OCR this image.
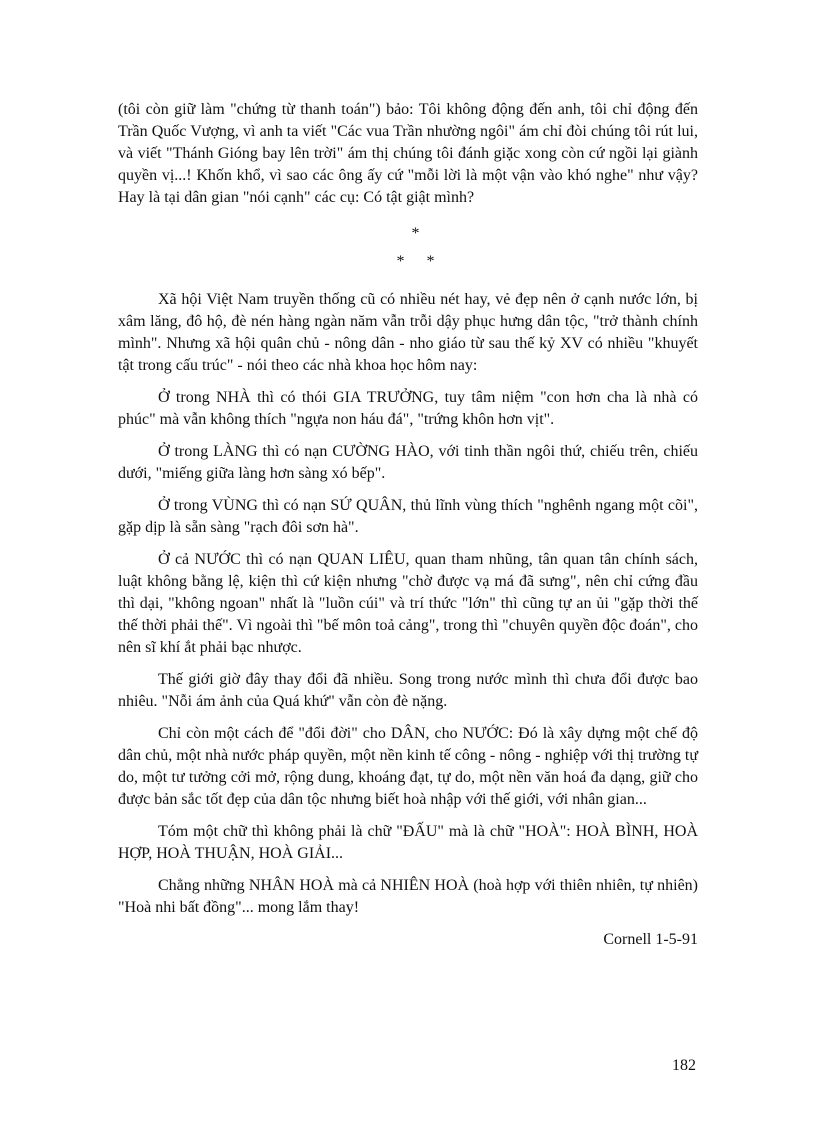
(tôi còn giữ làm "chứng từ thanh toán") bảo: Tôi không động đến anh, tôi chỉ động đến Trần Quốc Vượng, vì anh ta viết "Các vua Trần nhường ngôi" ám chỉ đòi chúng tôi rút lui, và viết "Thánh Gióng bay lên trời" ám thị chúng tôi đánh giặc xong còn cứ ngồi lại giành quyền vị...! Khốn khổ, vì sao các ông ấy cứ "mỗi lời là một vận vào khó nghe" như vậy? Hay là tại dân gian "nói cạnh" các cụ: Có tật giật mình?

*
* *

Xã hội Việt Nam truyền thống cũ có nhiều nét hay, vẻ đẹp nên ở cạnh nước lớn, bị xâm lăng, đô hộ, đè nén hàng ngàn năm vẫn trỗi dậy phục hưng dân tộc, "trở thành chính mình". Nhưng xã hội quân chủ - nông dân - nho giáo từ sau thế kỷ XV có nhiều "khuyết tật trong cấu trúc" - nói theo các nhà khoa học hôm nay:

Ở trong NHÀ thì có thói GIA TRƯỞNG, tuy tâm niệm "con hơn cha là nhà có phúc" mà vẫn không thích "ngựa non háu đá", "trứng khôn hơn vịt".

Ở trong LÀNG thì có nạn CƯỜNG HÀO, với tinh thần ngôi thứ, chiếu trên, chiếu dưới, "miếng giữa làng hơn sàng xó bếp".

Ở trong VÙNG thì có nạn SỨ QUÂN, thủ lĩnh vùng thích "nghênh ngang một cõi", gặp dịp là sẵn sàng "rạch đôi sơn hà".

Ở cả NƯỚC thì có nạn QUAN LIÊU, quan tham nhũng, tân quan tân chính sách, luật không bằng lệ, kiện thì cứ kiện nhưng "chờ được vạ má đã sưng", nên chỉ cứng đầu thì dại, "không ngoan" nhất là "luồn cúi" và trí thức "lớn" thì cũng tự an ủi "gặp thời thế thế thời phải thế". Vì ngoài thì "bế môn toả cảng", trong thì "chuyên quyền độc đoán", cho nên sĩ khí ắt phải bạc nhược.

Thế giới giờ đây thay đổi đã nhiều. Song trong nước mình thì chưa đổi được bao nhiêu. "Nỗi ám ảnh của Quá khứ" vẫn còn đè nặng.

Chỉ còn một cách để "đổi đời" cho DÂN, cho NƯỚC: Đó là xây dựng một chế độ dân chủ, một nhà nước pháp quyền, một nền kinh tế công - nông - nghiệp với thị trường tự do, một tư tưởng cởi mở, rộng dung, khoáng đạt, tự do, một nền văn hoá đa dạng, giữ cho được bản sắc tốt đẹp của dân tộc nhưng biết hoà nhập với thế giới, với nhân gian...

Tóm một chữ thì không phải là chữ "ĐẤU" mà là chữ "HOÀ": HOÀ BÌNH, HOÀ HỢP, HOÀ THUẬN, HOÀ GIẢI...

Chẳng những NHÂN HOÀ mà cả NHIÊN HOÀ (hoà hợp với thiên nhiên, tự nhiên) "Hoà nhi bất đồng"... mong lắm thay!

Cornell 1-5-91

182
